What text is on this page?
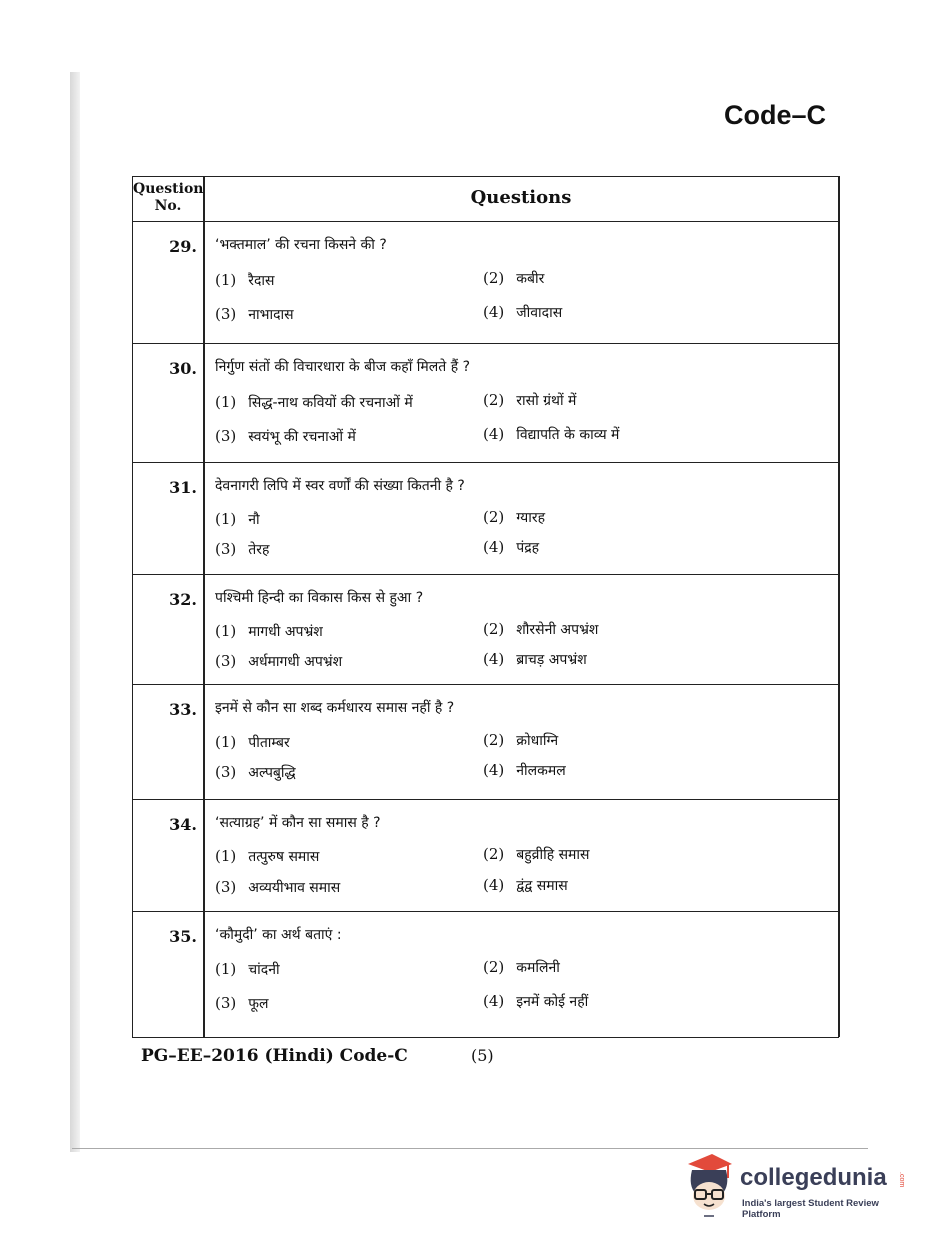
Code–C
Question
No.	Questions
29. ‘भक्तमाल’ की रचना किसने की ?
(1) रैदास	(2) कबीर
(3) नाभादास	(4) जीवादास
30. निर्गुण संतों की विचारधारा के बीज कहाँ मिलते हैं ?
(1) सिद्ध-नाथ कवियों की रचनाओं में	(2) रासो ग्रंथों में
(3) स्वयंभू की रचनाओं में	(4) विद्यापति के काव्य में
31. देवनागरी लिपि में स्वर वर्णों की संख्या कितनी है ?
(1) नौ	(2) ग्यारह
(3) तेरह	(4) पंद्रह
32. पश्चिमी हिन्दी का विकास किस से हुआ ?
(1) मागधी अपभ्रंश	(2) शौरसेनी अपभ्रंश
(3) अर्धमागधी अपभ्रंश	(4) ब्राचड़ अपभ्रंश
33. इनमें से कौन सा शब्द कर्मधारय समास नहीं है ?
(1) पीताम्बर	(2) क्रोधाग्नि
(3) अल्पबुद्धि	(4) नीलकमल
34. ‘सत्याग्रह’ में कौन सा समास है ?
(1) तत्पुरुष समास	(2) बहुव्रीहि समास
(3) अव्ययीभाव समास	(4) द्वंद्व समास
35. ‘कौमुदी’ का अर्थ बताएं :
(1) चांदनी	(2) कमलिनी
(3) फूल	(4) इनमें कोई नहीं
PG–EE–2016 (Hindi) Code-C	(5)
collegedunia .com
India's largest Student Review Platform
